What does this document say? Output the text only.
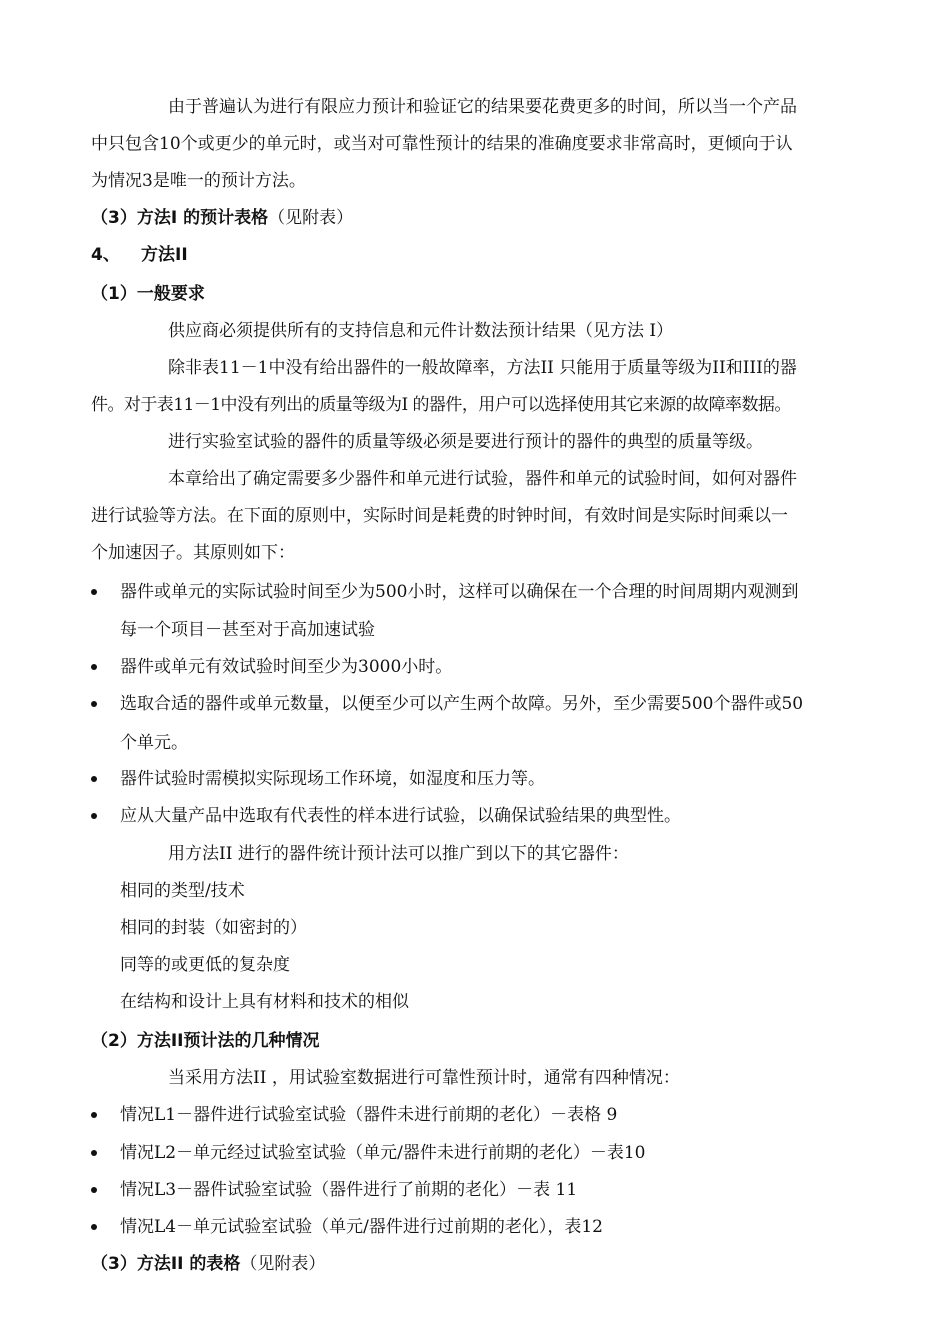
由于普遍认为进行有限应力预计和验证它的结果要花费更多的时间，所以当一个产品
中只包含10个或更少的单元时，或当对可靠性预计的结果的准确度要求非常高时，更倾向于认
为情况3是唯一的预计方法。
（3）方法I 的预计表格（见附表）
4、 方法II
（1）一般要求
供应商必须提供所有的支持信息和元件计数法预计结果（见方法 I）
除非表11－1中没有给出器件的一般故障率，方法II 只能用于质量等级为II和III的器
件。对于表11－1中没有列出的质量等级为I 的器件，用户可以选择使用其它来源的故障率数据。
进行实验室试验的器件的质量等级必须是要进行预计的器件的典型的质量等级。
本章给出了确定需要多少器件和单元进行试验，器件和单元的试验时间，如何对器件
进行试验等方法。在下面的原则中，实际时间是耗费的时钟时间，有效时间是实际时间乘以一
个加速因子。其原则如下：
器件或单元的实际试验时间至少为500小时，这样可以确保在一个合理的时间周期内观测到
每一个项目－甚至对于高加速试验
器件或单元有效试验时间至少为3000小时。
选取合适的器件或单元数量，以便至少可以产生两个故障。另外，至少需要500个器件或50
个单元。
器件试验时需模拟实际现场工作环境，如湿度和压力等。
应从大量产品中选取有代表性的样本进行试验，以确保试验结果的典型性。
用方法II 进行的器件统计预计法可以推广到以下的其它器件：
相同的类型/技术
相同的封装（如密封的）
同等的或更低的复杂度
在结构和设计上具有材料和技术的相似
（2）方法II预计法的几种情况
当采用方法II ，用试验室数据进行可靠性预计时，通常有四种情况：
情况L1－器件进行试验室试验（器件未进行前期的老化）－表格 9
情况L2－单元经过试验室试验（单元/器件未进行前期的老化）－表10
情况L3－器件试验室试验（器件进行了前期的老化）－表 11
情况L4－单元试验室试验（单元/器件进行过前期的老化），表12
（3）方法II 的表格（见附表）
